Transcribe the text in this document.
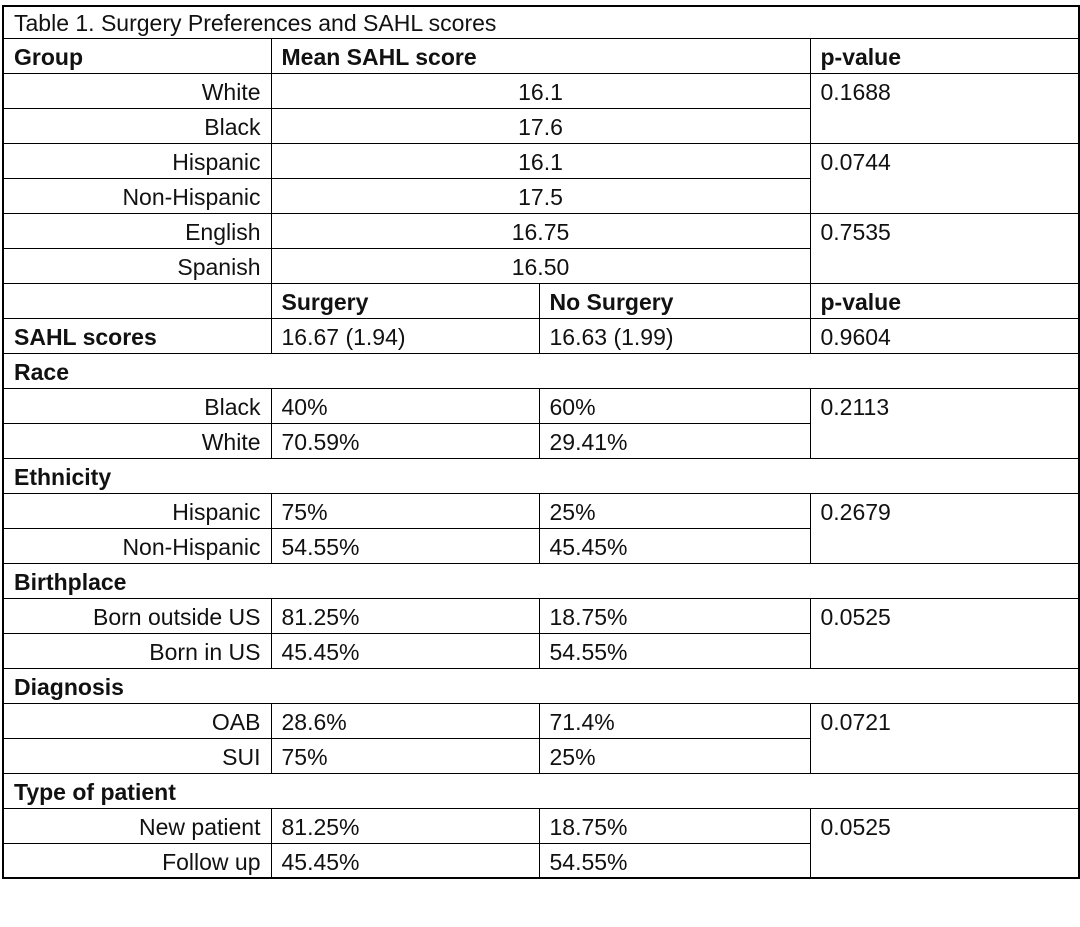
Table 1. Surgery Preferences and SAHL scores			
Group	Mean SAHL score		p-value
White	16.1		0.1688
Black	17.6		
Hispanic	16.1		0.0744
Non-Hispanic	17.5		
English	16.75		0.7535
Spanish	16.50		
	Surgery	No Surgery	p-value
SAHL scores	16.67 (1.94)	16.63 (1.99)	0.9604
Race			
Black	40%	60%	0.2113
White	70.59%	29.41%	
Ethnicity			
Hispanic	75%	25%	0.2679
Non-Hispanic	54.55%	45.45%	
Birthplace			
Born outside US	81.25%	18.75%	0.0525
Born in US	45.45%	54.55%	
Diagnosis			
OAB	28.6%	71.4%	0.0721
SUI	75%	25%	
Type of patient			
New patient	81.25%	18.75%	0.0525
Follow up	45.45%	54.55%	
